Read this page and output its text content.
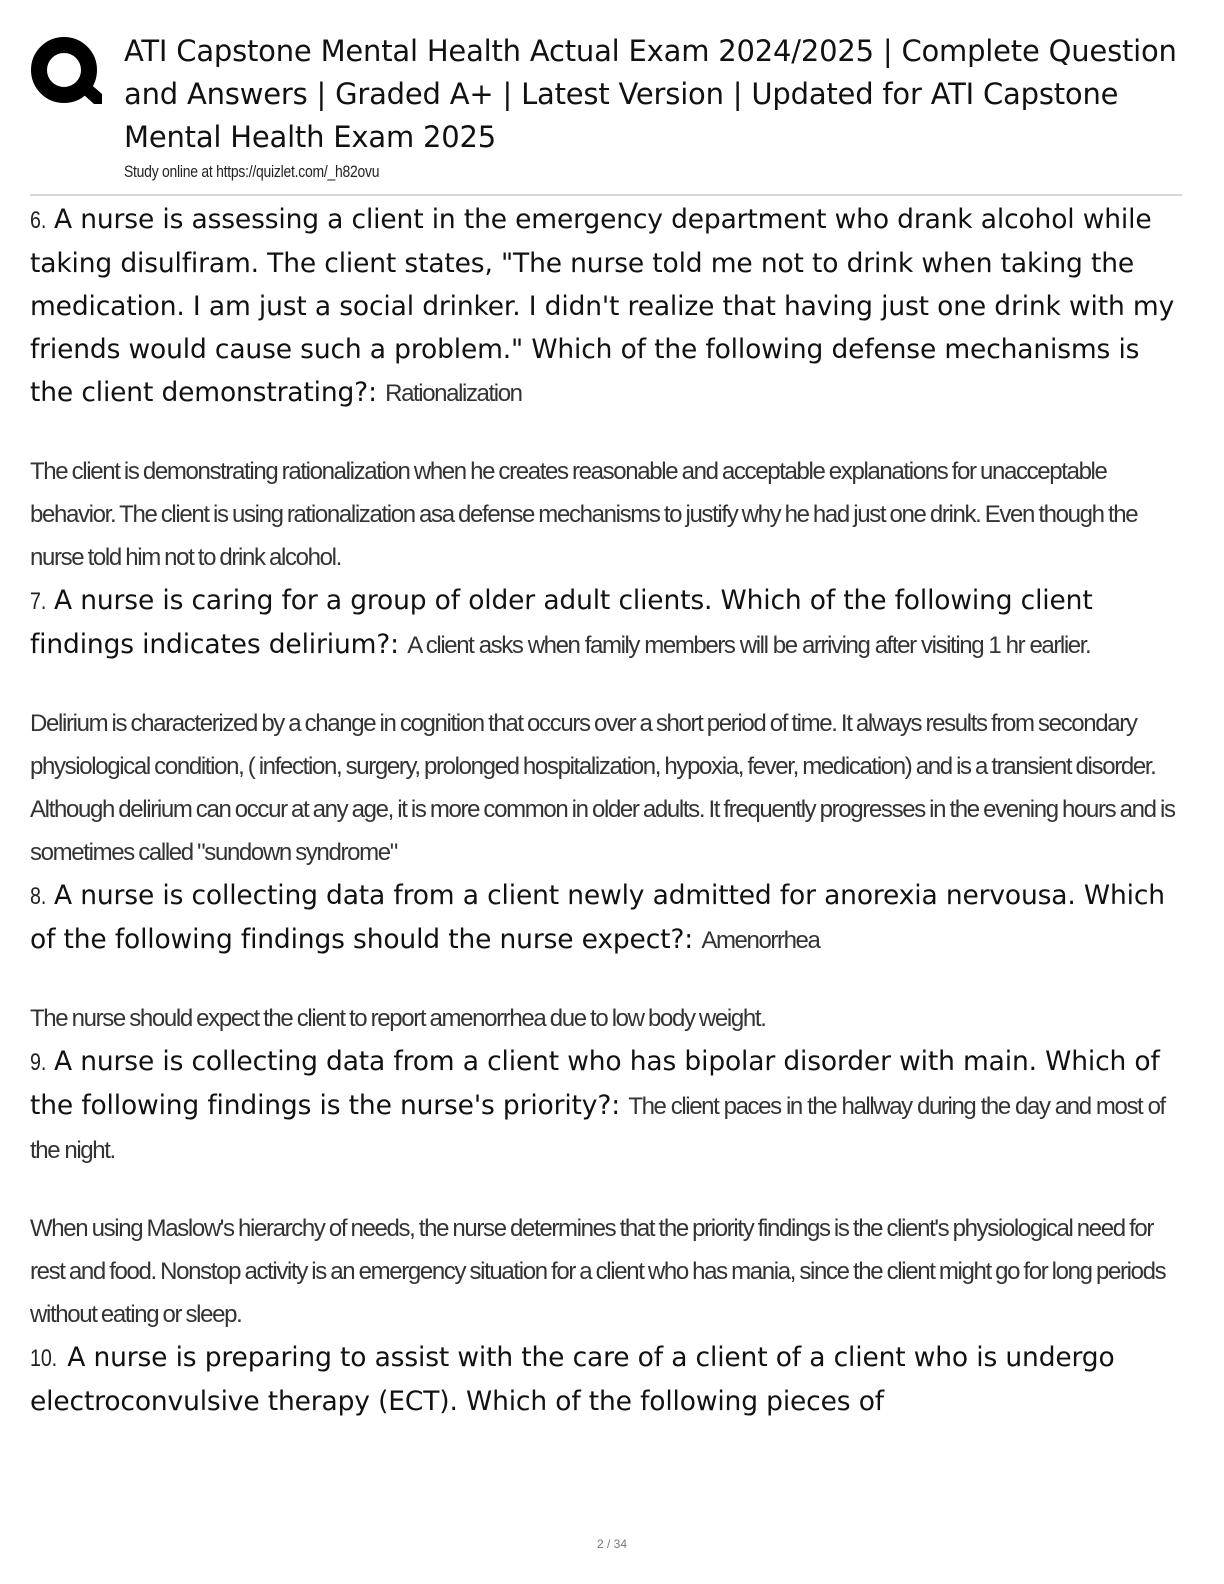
ATI Capstone Mental Health Actual Exam 2024/2025 | Complete Question and Answers | Graded A+ | Latest Version | Updated for ATI Capstone Mental Health Exam 2025
Study online at https://quizlet.com/_h82ovu

6. A nurse is assessing a client in the emergency department who drank alcohol while taking disulfiram. The client states, "The nurse told me not to drink when taking the medication. I am just a social drinker. I didn't realize that having just one drink with my friends would cause such a problem." Which of the following defense mechanisms is the client demonstrating?: Rationalization

The client is demonstrating rationalization when he creates reasonable and acceptable explanations for unacceptable behavior. The client is using rationalization asa defense mechanisms to justify why he had just one drink. Even though the nurse told him not to drink alcohol.

7. A nurse is caring for a group of older adult clients. Which of the following client findings indicates delirium?: A client asks when family members will be arriving after visiting 1 hr earlier.

Delirium is characterized by a change in cognition that occurs over a short period of time. It always results from secondary physiological condition, ( infection, surgery, prolonged hospitalization, hypoxia, fever, medication) and is a transient disorder. Although delirium can occur at any age, it is more common in older adults. It frequently progresses in the evening hours and is sometimes called "sundown syndrome"

8. A nurse is collecting data from a client newly admitted for anorexia nervousa. Which of the following findings should the nurse expect?: Amenorrhea

The nurse should expect the client to report amenorrhea due to low body weight.

9. A nurse is collecting data from a client who has bipolar disorder with main. Which of the following findings is the nurse's priority?: The client paces in the hallway during the day and most of the night.

When using Maslow's hierarchy of needs, the nurse determines that the priority findings is the client's physiological need for rest and food. Nonstop activity is an emergency situation for a client who has mania, since the client might go for long periods without eating or sleep.

10. A nurse is preparing to assist with the care of a client of a client who is undergo electroconvulsive therapy (ECT). Which of the following pieces of

2 / 34
